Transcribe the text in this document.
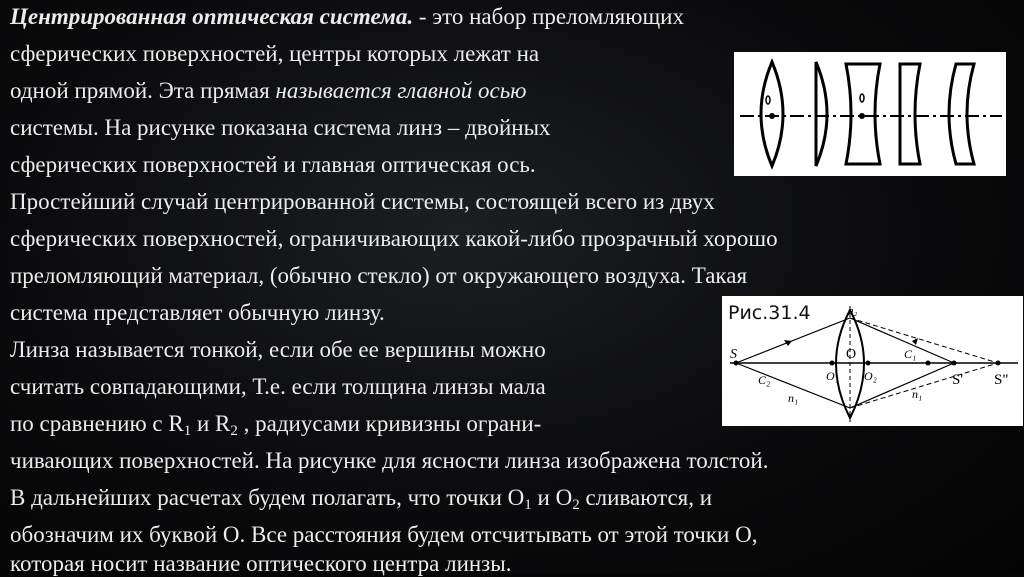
Центрированная оптическая система. - это набор преломляющих
сферических поверхностей, центры которых лежат на
одной прямой. Эта прямая называется главной осью
системы. На рисунке показана система линз – двойных
сферических поверхностей и главная оптическая ось.
Простейший случай центрированной системы, состоящей всего из двух
сферических поверхностей, ограничивающих какой-либо прозрачный хорошо
преломляющий материал, (обычно стекло) от окружающего воздуха. Такая
система представляет обычную линзу.
Линза называется тонкой, если обе ее вершины можно
считать совпадающими, Т.е. если толщина линзы мала
по сравнению с $R_1$ и $R_2$ , радиусами кривизны ограни-
чивающих поверхностей. На рисунке для ясности линза изображена толстой.
В дальнейших расчетах будем полагать, что точки $О_1$ и $О_2$ сливаются, и
обозначим их буквой О. Все расстояния будем отсчитывать от этой точки О,
которая носит название оптического центра линзы.
S
C₂
n₁
O₁
O
O₂
n₂
C₁
n₁
S' S"
Рис.31.4
